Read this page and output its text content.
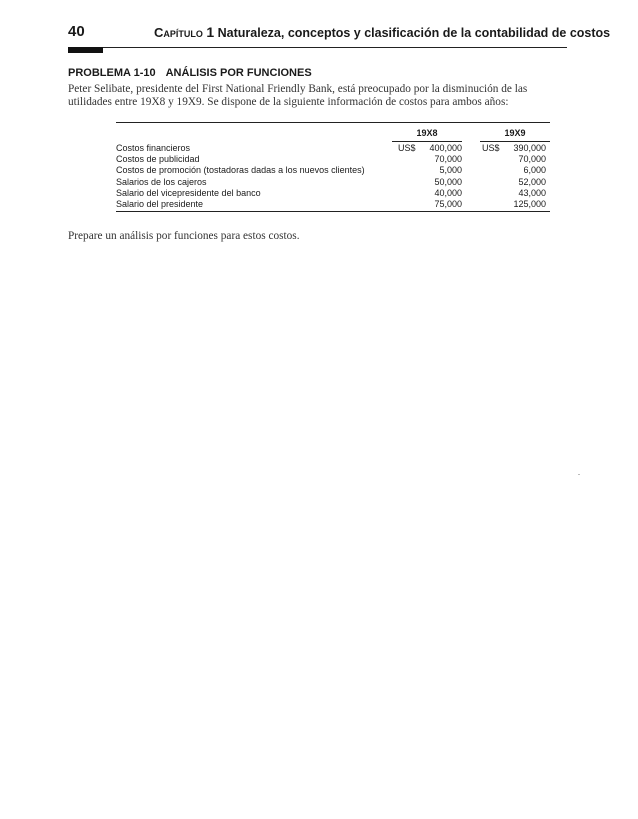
40	Capítulo 1 Naturaleza, conceptos y clasificación de la contabilidad de costos
PROBLEMA 1-10 ANÁLISIS POR FUNCIONES
Peter Selibate, presidente del First National Friendly Bank, está preocupado por la disminución de las utilidades entre 19X8 y 19X9. Se dispone de la siguiente información de costos para ambos años:
19X8	19X9
Costos financieros	US$	400,000 US$	390,000
Costos de publicidad	70,000	70,000
Costos de promoción (tostadoras dadas a los nuevos clientes)	5,000	6,000
Salarios de los cajeros	50,000	52,000
Salario del vicepresidente del banco	40,000	43,000
Salario del presidente	75,000	125,000
Prepare un análisis por funciones para estos costos.
